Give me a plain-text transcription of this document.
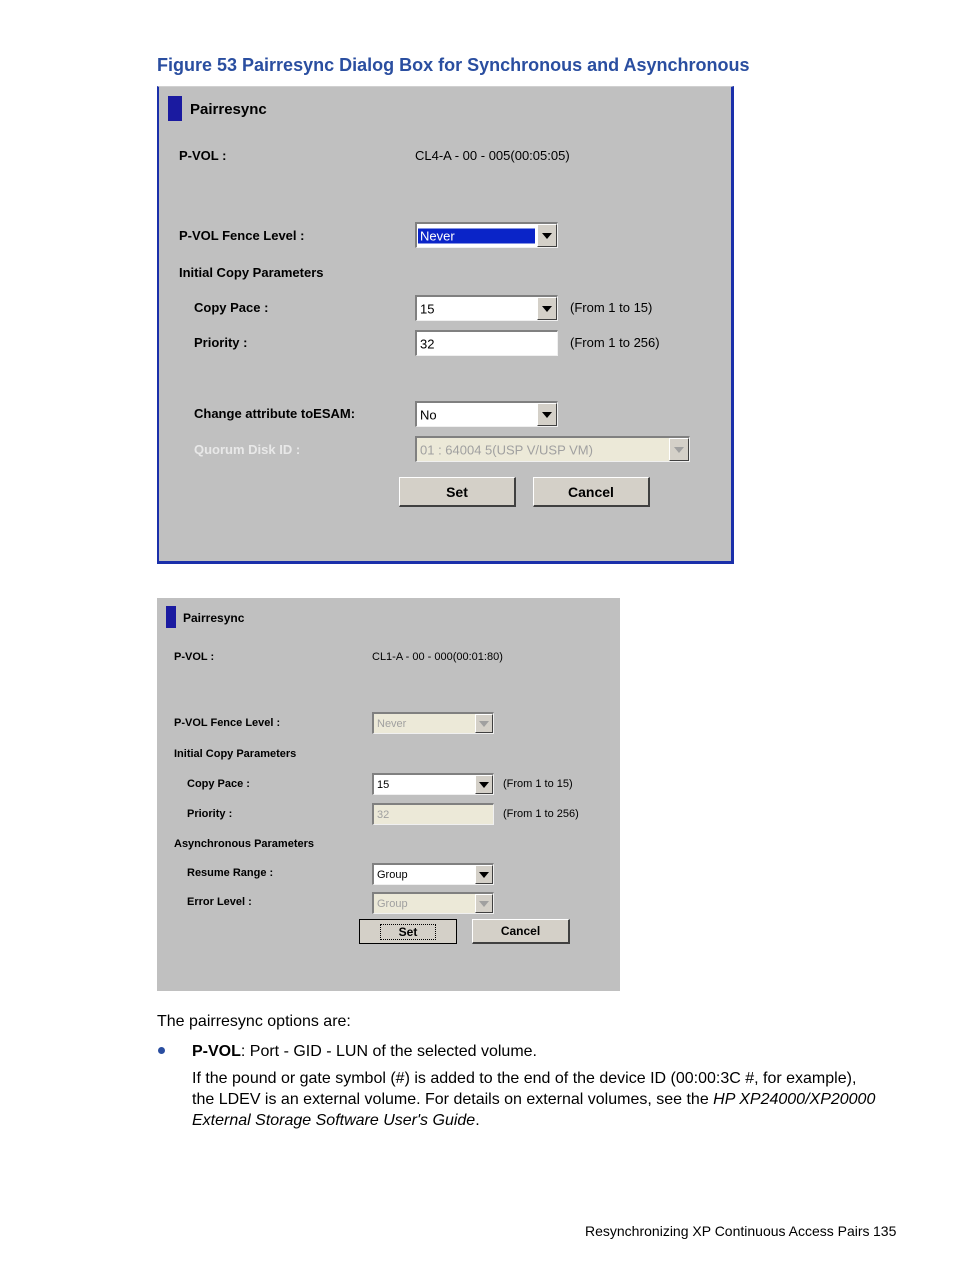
Figure 53 Pairresync Dialog Box for Synchronous and Asynchronous
Pairresync
P-VOL :	CL4-A - 00 - 005(00:05:05)
P-VOL Fence Level :	Never
Initial Copy Parameters
Copy Pace :	15	(From 1 to 15)
Priority :	32	(From 1 to 256)
Change attribute toESAM:	No
Quorum Disk ID :	01 : 64004 5(USP V/USP VM)
Set	Cancel
Pairresync
P-VOL :	CL1-A - 00 - 000(00:01:80)
P-VOL Fence Level :	Never
Initial Copy Parameters
Copy Pace :	15	(From 1 to 15)
Priority :	32	(From 1 to 256)
Asynchronous Parameters
Resume Range :	Group
Error Level :	Group
Set	Cancel
The pairresync options are:
P-VOL: Port - GID - LUN of the selected volume.
If the pound or gate symbol (#) is added to the end of the device ID (00:00:3C #, for example),
the LDEV is an external volume. For details on external volumes, see the HP XP24000/XP20000
External Storage Software User's Guide.
Resynchronizing XP Continuous Access Pairs 135
